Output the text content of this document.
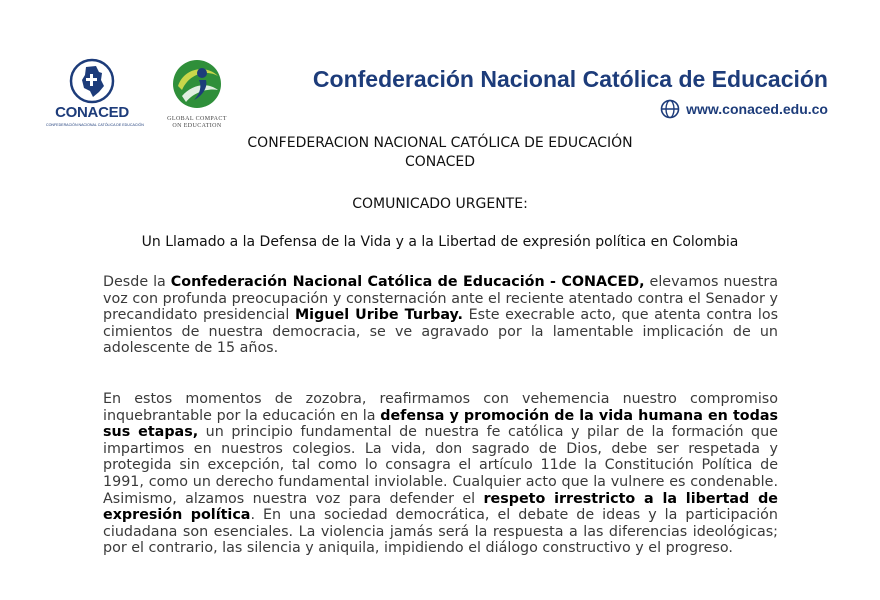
CONACED
CONFEDERACIÓN NACIONAL CATÓLICA DE EDUCACIÓN
GLOBAL COMPACT
ON EDUCATION
Confederación Nacional Católica de Educación
www.conaced.edu.co
CONFEDERACION NACIONAL CATÓLICA DE EDUCACIÓN
CONACED
COMUNICADO URGENTE:
Un Llamado a la Defensa de la Vida y a la Libertad de expresión política en Colombia

Desde la Confederación Nacional Católica de Educación - CONACED, elevamos nuestra voz con profunda preocupación y consternación ante el reciente atentado contra el Senador y precandidato presidencial Miguel Uribe Turbay. Este execrable acto, que atenta contra los cimientos de nuestra democracia, se ve agravado por la lamentable implicación de un adolescente de 15 años.

En estos momentos de zozobra, reafirmamos con vehemencia nuestro compromiso inquebrantable por la educación en la defensa y promoción de la vida humana en todas sus etapas, un principio fundamental de nuestra fe católica y pilar de la formación que impartimos en nuestros colegios. La vida, don sagrado de Dios, debe ser respetada y protegida sin excepción, tal como lo consagra el artículo 11de la Constitución Política de 1991, como un derecho fundamental inviolable. Cualquier acto que la vulnere es condenable. Asimismo, alzamos nuestra voz para defender el respeto irrestricto a la libertad de expresión política. En una sociedad democrática, el debate de ideas y la participación ciudadana son esenciales. La violencia jamás será la respuesta a las diferencias ideológicas; por el contrario, las silencia y aniquila, impidiendo el diálogo constructivo y el progreso.
